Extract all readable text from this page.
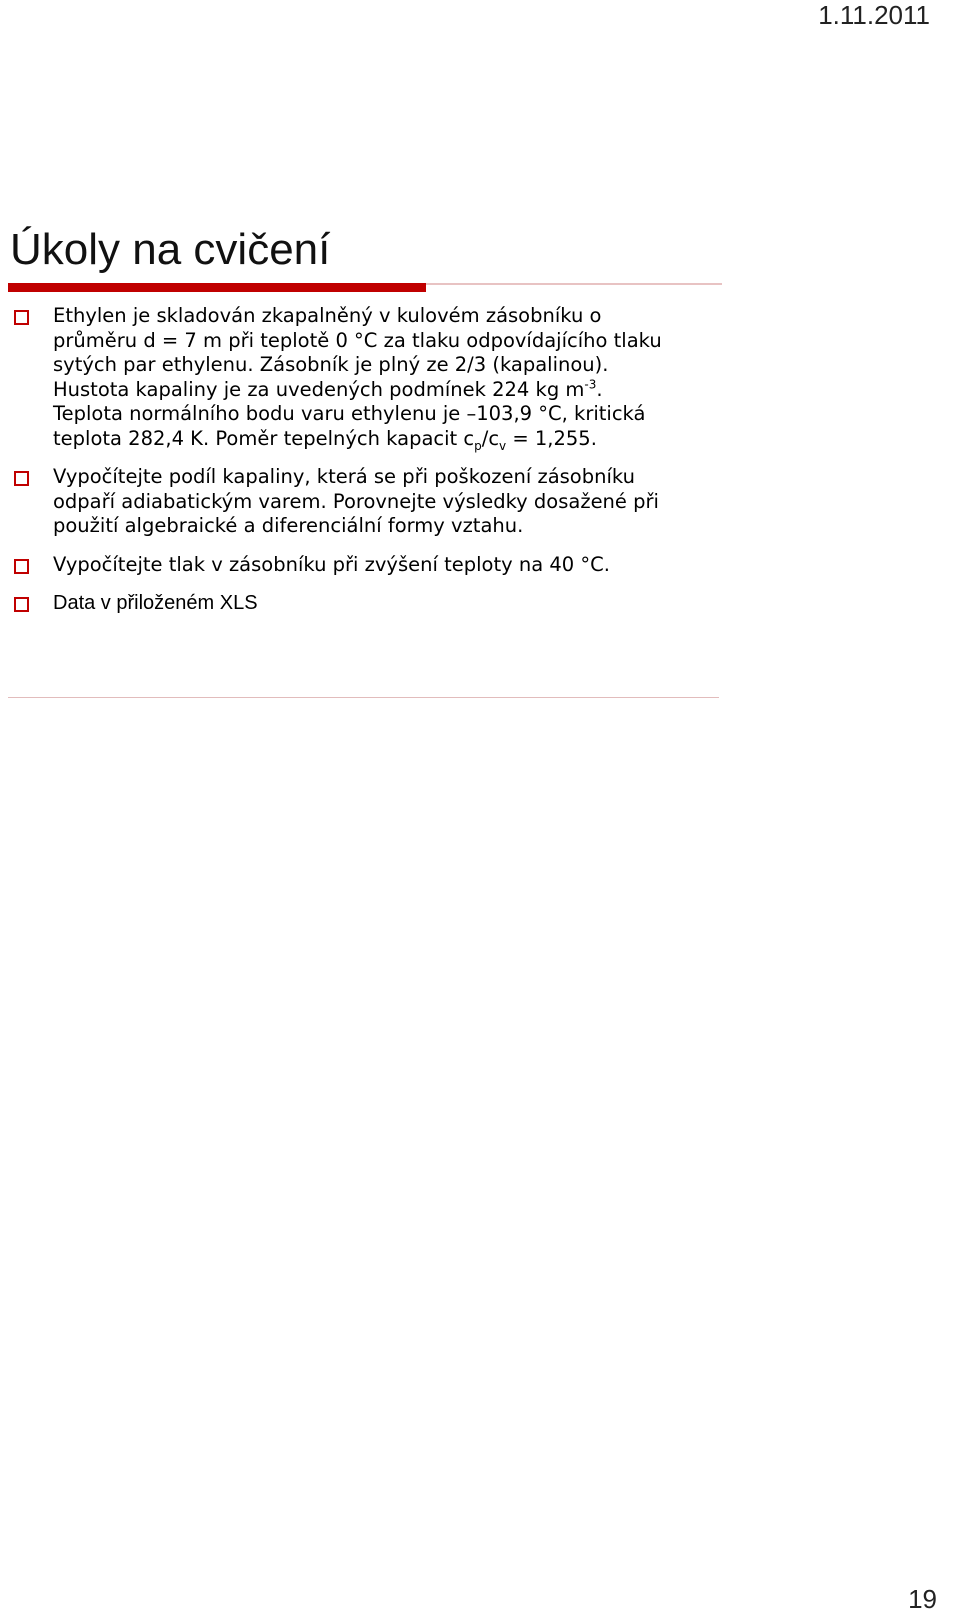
1.11.2011
Úkoly na cvičení
Ethylen je skladován zkapalněný v kulovém zásobníku o
průměru d = 7 m při teplotě 0 °C za tlaku odpovídajícího tlaku
sytých par ethylenu. Zásobník je plný ze 2/3 (kapalinou).
Hustota kapaliny je za uvedených podmínek 224 kg $m^{-3}$.
Teplota normálního bodu varu ethylenu je –103,9 °C, kritická
teplota 282,4 K. Poměr tepelných kapacit $c_p/c_v = 1,255$.
Vypočítejte podíl kapaliny, která se při poškození zásobníku
odpaří adiabatickým varem. Porovnejte výsledky dosažené při
použití algebraické a diferenciální formy vztahu.
Vypočítejte tlak v zásobníku při zvýšení teploty na 40 °C.
Data v přiloženém XLS
19
